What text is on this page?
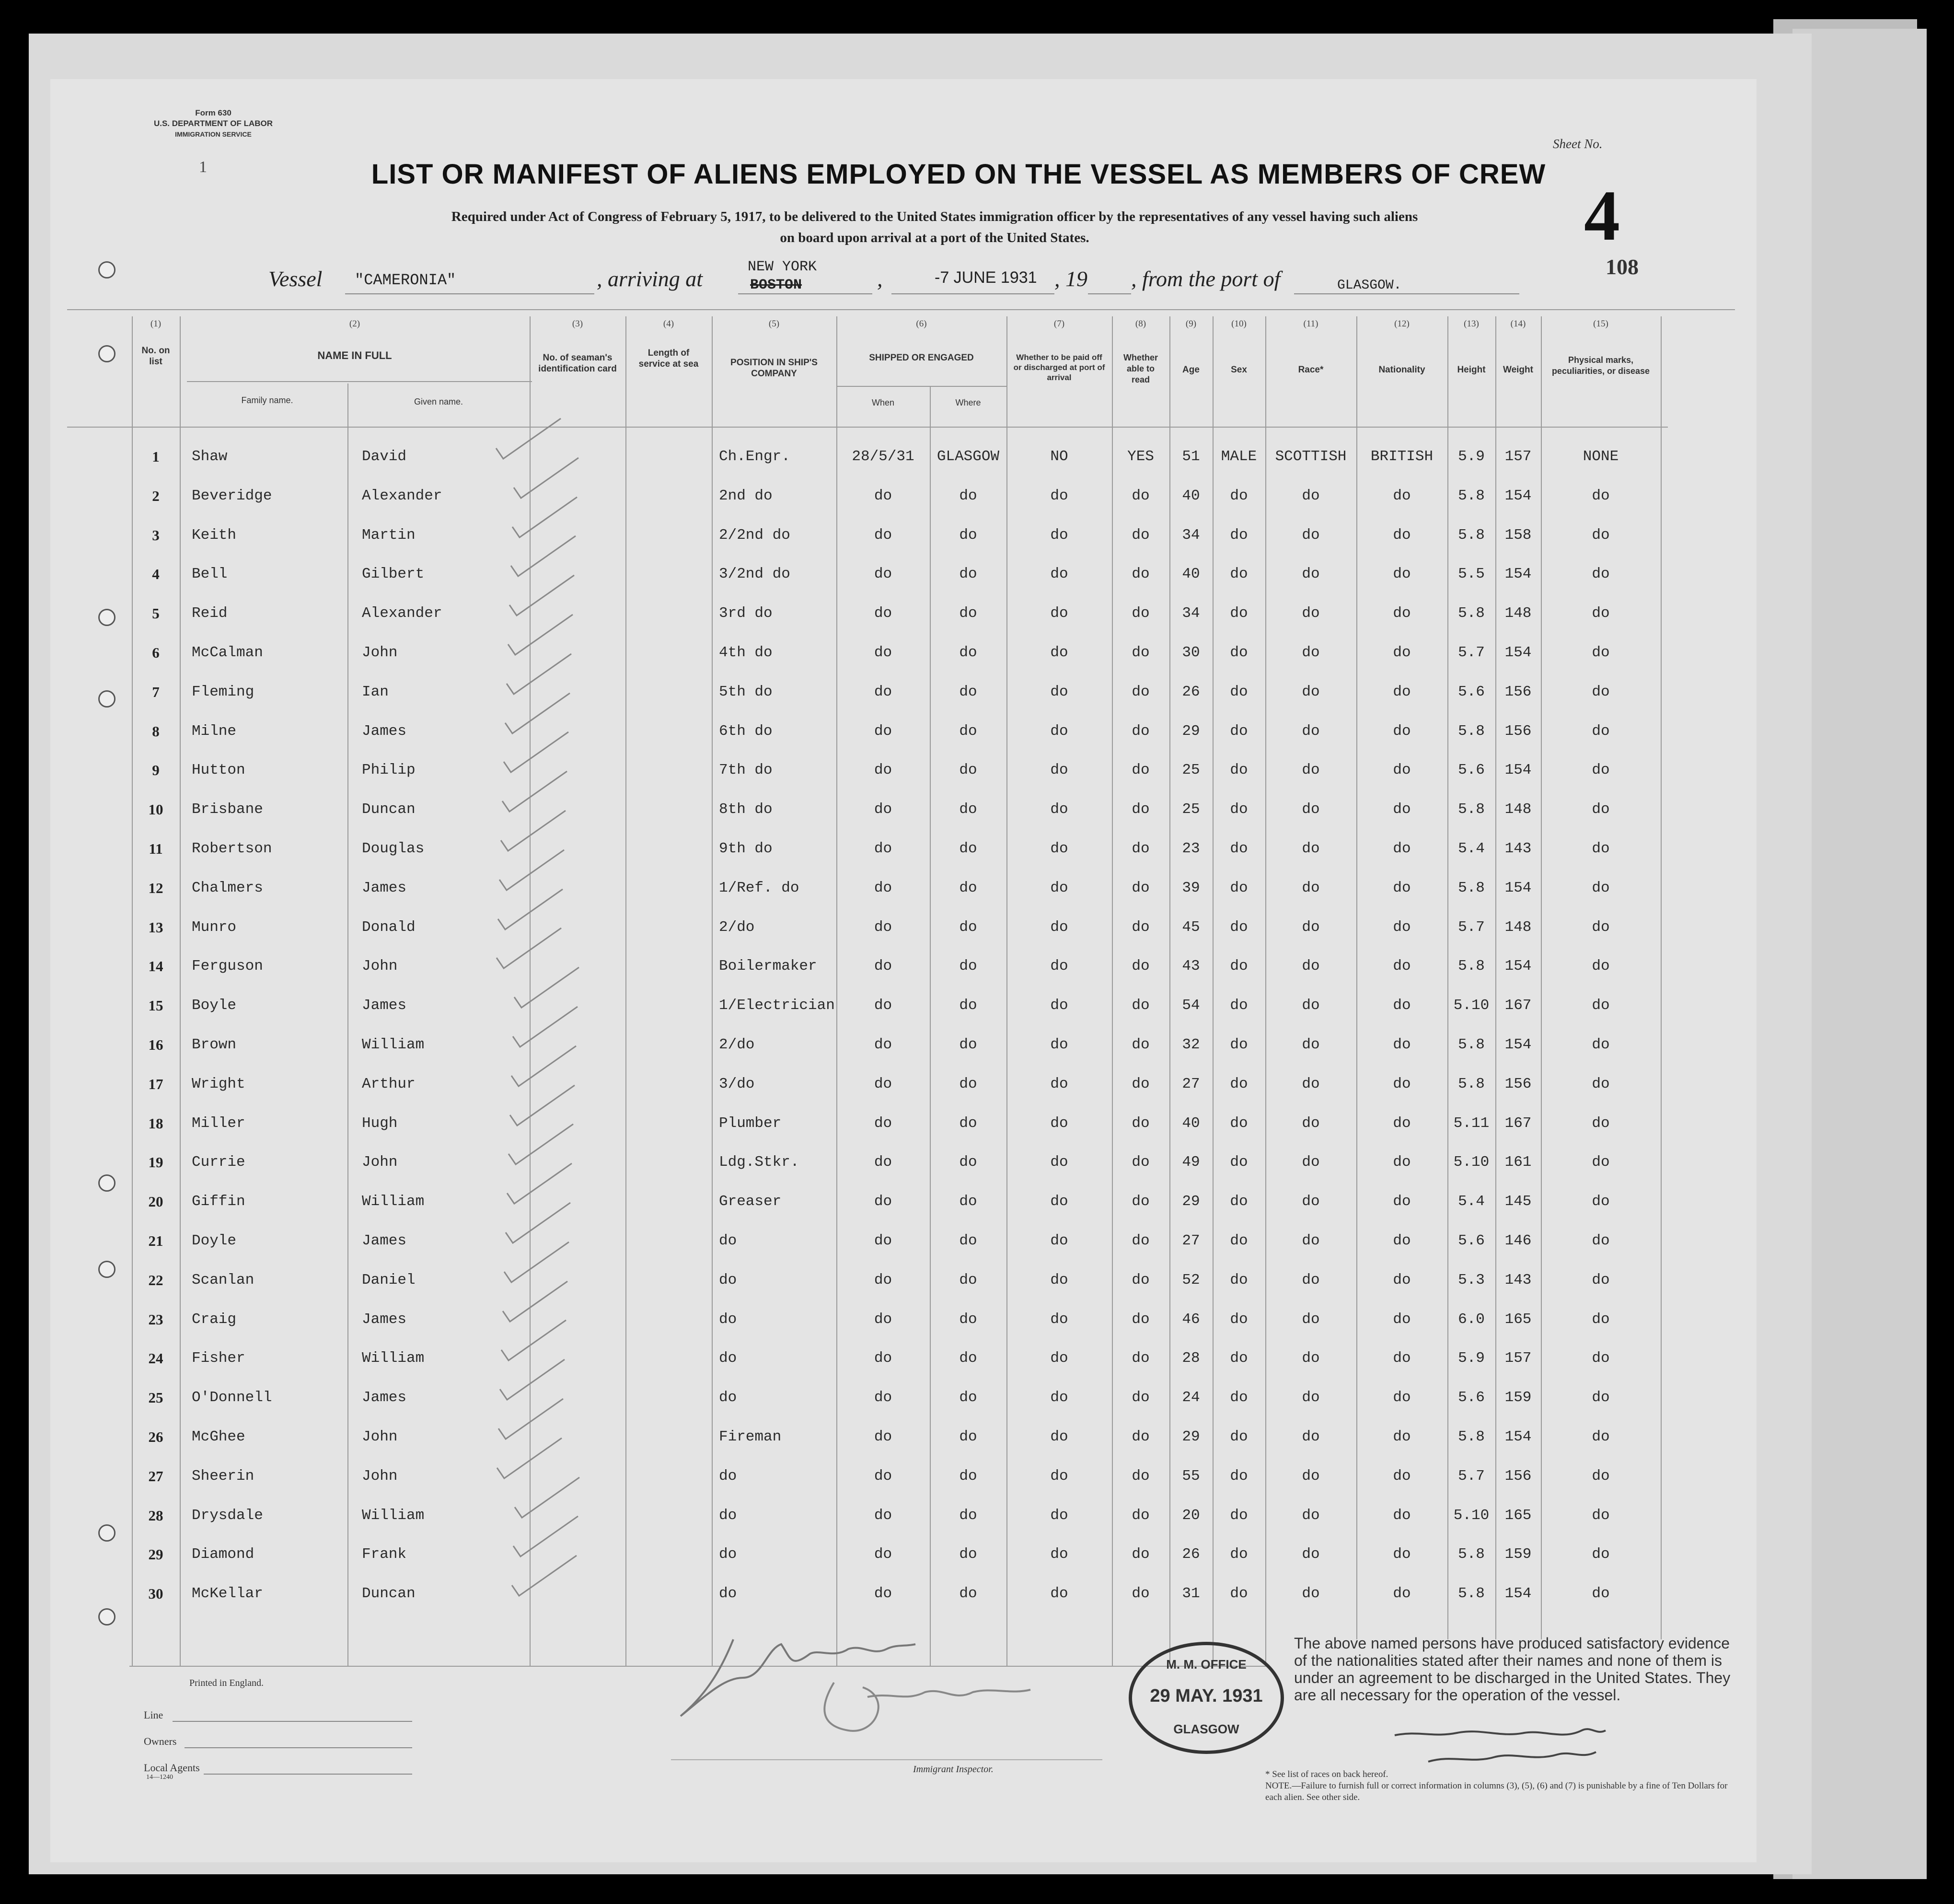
Form 630
U.S. DEPARTMENT OF LABOR
IMMIGRATION SERVICE
1	LIST OR MANIFEST OF ALIENS EMPLOYED ON THE VESSEL AS MEMBERS OF CREW
Required under Act of Congress of February 5, 1917, to be delivered to the United States immigration officer by the representatives of any vessel having such aliens
on board upon arrival at a port of the United States.
Sheet No.
4
108
Vessel "CAMERONIA"	, arriving at	NEW YORK
BOSTON	,	-7 JUNE 1931 , 19 , from the port of	GLASGOW.
(1)	(2)	(3)	(4)	(5)	(6)	(7)	(8)	(9)	(10)	(11)	(12)	(13)	(14)	(15)
No. on list
NAME IN FULL
Family name.	Given name.
No. of seaman's identification card
Length of service at sea	POSITION IN SHIP'S COMPANY
SHIPPED OR ENGAGED
When	Where
Whether to be paid off or discharged at port of arrival
Whether able to read
Age	Sex	Race*	Nationality	Height	Weight
Physical marks, peculiarities, or disease
1	Shaw	David	Ch.Engr.	28/5/31	GLASGOW	NO	YES	51	MALE	SCOTTISH	BRITISH	5.9	157	NONE
2	Beveridge	Alexander	2nd do	do	do	do	do	40	do	do	do	5.8	154	do
3	Keith	Martin	2/2nd do	do	do	do	do	34	do	do	do	5.8	158	do
4	Bell	Gilbert	3/2nd do	do	do	do	do	40	do	do	do	5.5	154	do
5	Reid	Alexander	3rd do	do	do	do	do	34	do	do	do	5.8	148	do
6	McCalman	John	4th do	do	do	do	do	30	do	do	do	5.7	154	do
7	Fleming	Ian	5th do	do	do	do	do	26	do	do	do	5.6	156	do
8	Milne	James	6th do	do	do	do	do	29	do	do	do	5.8	156	do
9	Hutton	Philip	7th do	do	do	do	do	25	do	do	do	5.6	154	do
10	Brisbane	Duncan	8th do	do	do	do	do	25	do	do	do	5.8	148	do
11	Robertson	Douglas	9th do	do	do	do	do	23	do	do	do	5.4	143	do
12	Chalmers	James	1/Ref. do	do	do	do	do	39	do	do	do	5.8	154	do
13	Munro	Donald	2/do	do	do	do	do	45	do	do	do	5.7	148	do
14	Ferguson	John	Boilermaker	do	do	do	do	43	do	do	do	5.8	154	do
15	Boyle	James	1/Electrician	do	do	do	do	54	do	do	do	5.10	167	do
16	Brown	William	2/do	do	do	do	do	32	do	do	do	5.8	154	do
17	Wright	Arthur	3/do	do	do	do	do	27	do	do	do	5.8	156	do
18	Miller	Hugh	Plumber	do	do	do	do	40	do	do	do	5.11	167	do
19	Currie	John	Ldg.Stkr.	do	do	do	do	49	do	do	do	5.10	161	do
20	Giffin	William	Greaser	do	do	do	do	29	do	do	do	5.4	145	do
21	Doyle	James	do	do	do	do	do	27	do	do	do	5.6	146	do
22	Scanlan	Daniel	do	do	do	do	do	52	do	do	do	5.3	143	do
23	Craig	James	do	do	do	do	do	46	do	do	do	6.0	165	do
24	Fisher	William	do	do	do	do	do	28	do	do	do	5.9	157	do
25	O'Donnell	James	do	do	do	do	do	24	do	do	do	5.6	159	do
26	McGhee	John	Fireman	do	do	do	do	29	do	do	do	5.8	154	do
27	Sheerin	John	do	do	do	do	do	55	do	do	do	5.7	156	do
28	Drysdale	William	do	do	do	do	do	20	do	do	do	5.10	165	do
29	Diamond	Frank	do	do	do	do	do	26	do	do	do	5.8	159	do
30	McKellar	Duncan	do	do	do	do	do	31	do	do	do	5.8	154	do
Printed in England.
Line
Owners
Local Agents
14—1240
Immigrant Inspector.
M. M. OFFICE
29 MAY. 1931
GLASGOW
The above named persons have produced satisfactory evidence of the nationalities stated after their names and none of them is under an agreement to be discharged in the United States. They are all necessary for the operation of the vessel.
* See list of races on back hereof.
NOTE.—Failure to furnish full or correct information in columns (3), (5), (6) and (7) is punishable by a fine of Ten Dollars for each alien. See other side.
